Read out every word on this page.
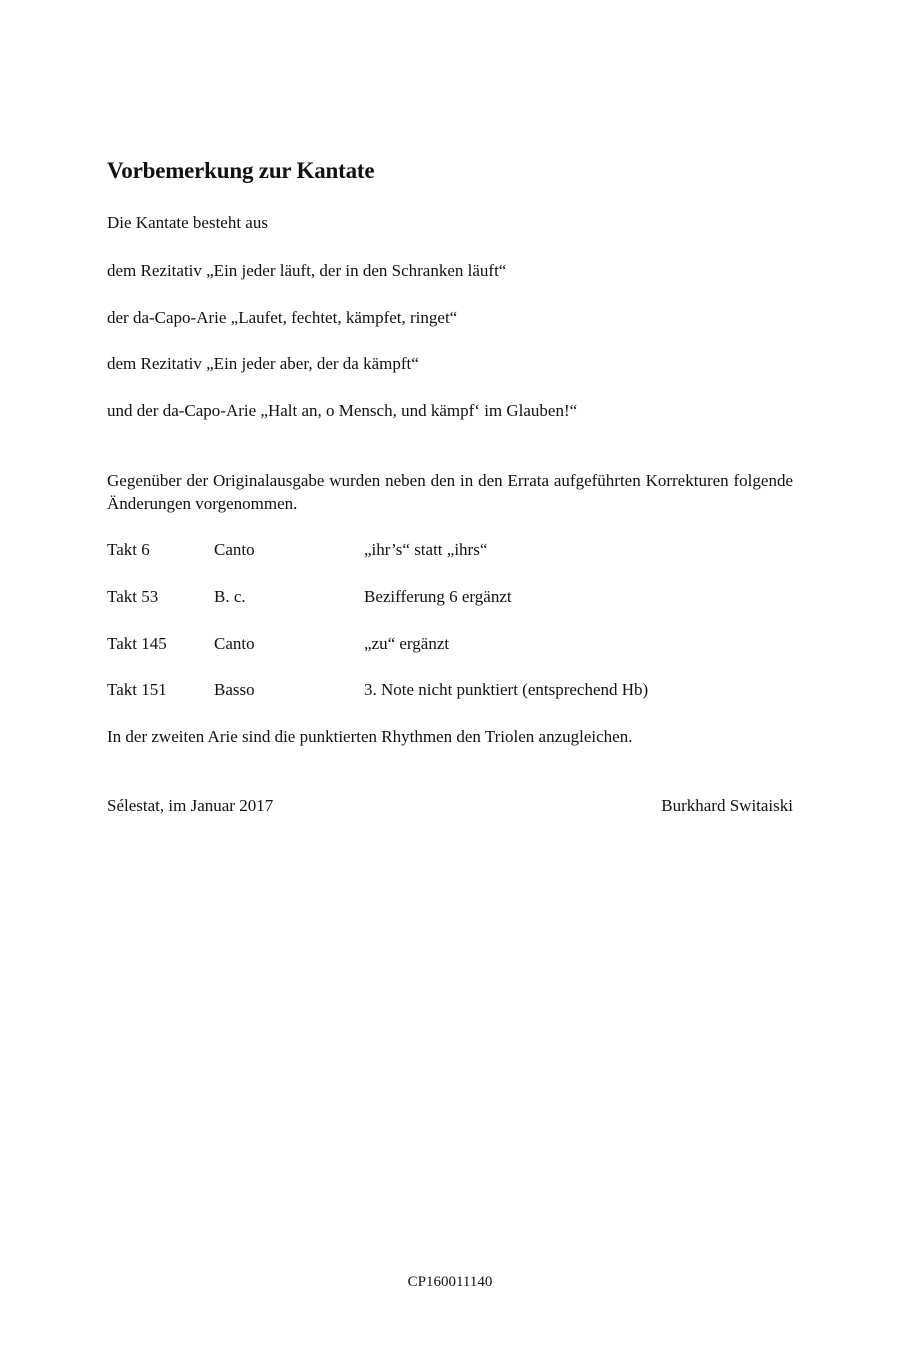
Vorbemerkung zur Kantate

Die Kantate besteht aus

dem Rezitativ „Ein jeder läuft, der in den Schranken läuft“

der da-Capo-Arie „Laufet, fechtet, kämpfet, ringet“

dem Rezitativ „Ein jeder aber, der da kämpft“

und der da-Capo-Arie „Halt an, o Mensch, und kämpf‘ im Glauben!“

Gegenüber der Originalausgabe wurden neben den in den Errata aufgeführten Korrekturen folgende Änderungen vorgenommen.

Takt 6	Canto	„ihr’s“ statt „ihrs“
Takt 53	B. c.	Bezifferung 6 ergänzt
Takt 145	Canto	„zu“ ergänzt
Takt 151	Basso	3. Note nicht punktiert (entsprechend Hb)

In der zweiten Arie sind die punktierten Rhythmen den Triolen anzugleichen.

Sélestat, im Januar 2017	Burkhard Switaiski
CP160011140
